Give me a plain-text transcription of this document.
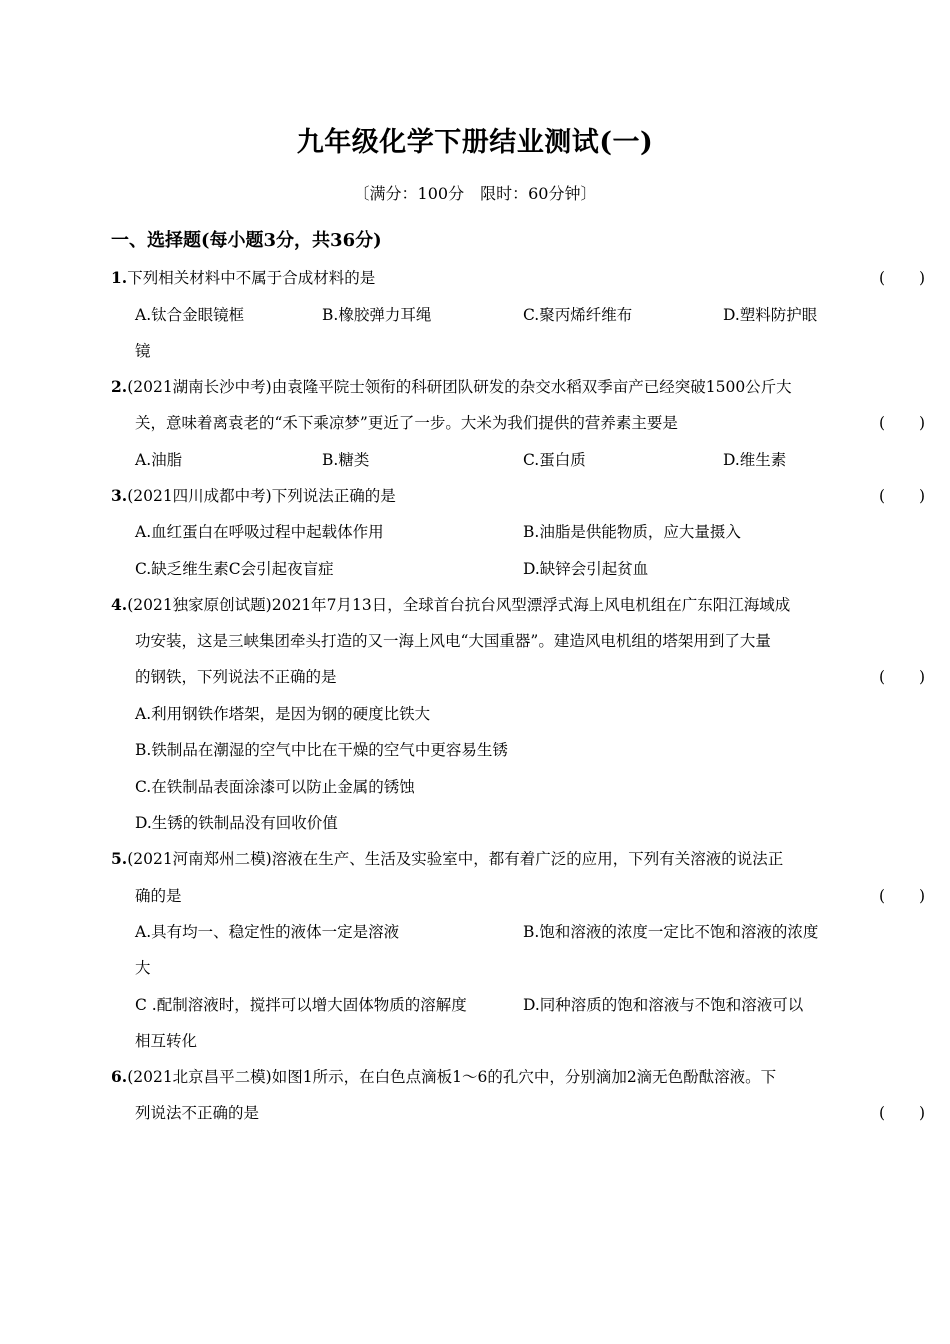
九年级化学下册结业测试(一)
〔满分：100分　限时：60分钟〕
一、选择题(每小题3分，共36分)
1.下列相关材料中不属于合成材料的是	( )
A.钛合金眼镜框	B.橡胶弹力耳绳	C.聚丙烯纤维布	D.塑料防护眼
镜
2.(2021湖南长沙中考)由袁隆平院士领衔的科研团队研发的杂交水稻双季亩产已经突破1500公斤大
关，意味着离袁老的“禾下乘凉梦”更近了一步。大米为我们提供的营养素主要是	( )
A.油脂	B.糖类	C.蛋白质	D.维生素
3.(2021四川成都中考)下列说法正确的是	( )
A.血红蛋白在呼吸过程中起载体作用	B.油脂是供能物质，应大量摄入
C.缺乏维生素C会引起夜盲症	D.缺锌会引起贫血
4.(2021独家原创试题)2021年7月13日，全球首台抗台风型漂浮式海上风电机组在广东阳江海域成
功安装，这是三峡集团牵头打造的又一海上风电“大国重器”。建造风电机组的塔架用到了大量
的钢铁，下列说法不正确的是	( )
A.利用钢铁作塔架，是因为钢的硬度比铁大
B.铁制品在潮湿的空气中比在干燥的空气中更容易生锈
C.在铁制品表面涂漆可以防止金属的锈蚀
D.生锈的铁制品没有回收价值
5.(2021河南郑州二模)溶液在生产、生活及实验室中，都有着广泛的应用，下列有关溶液的说法正
确的是	( )
A.具有均一、稳定性的液体一定是溶液	B.饱和溶液的浓度一定比不饱和溶液的浓度
大
C .配制溶液时，搅拌可以增大固体物质的溶解度	D.同种溶质的饱和溶液与不饱和溶液可以
相互转化
6.(2021北京昌平二模)如图1所示，在白色点滴板1～6的孔穴中，分别滴加2滴无色酚酞溶液。下
列说法不正确的是	( )
